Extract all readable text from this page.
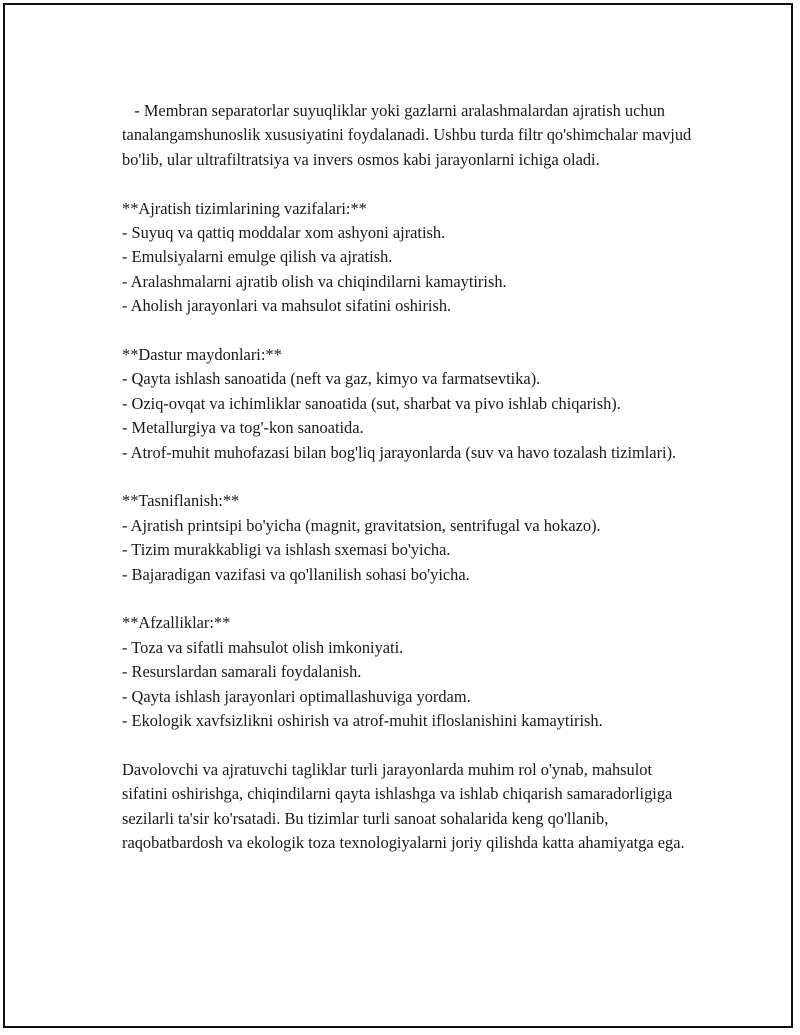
- Membran separatorlar suyuqliklar yoki gazlarni aralashmalardan ajratish uchun tanalangamshunoslik xususiyatini foydalanadi. Ushbu turda filtr qo'shimchalar mavjud bo'lib, ular ultrafiltratsiya va invers osmos kabi jarayonlarni ichiga oladi.

**Ajratish tizimlarining vazifalari:**

- Suyuq va qattiq moddalar xom ashyoni ajratish.

- Emulsiyalarni emulge qilish va ajratish.

- Aralashmalarni ajratib olish va chiqindilarni kamaytirish.

- Aholish jarayonlari va mahsulot sifatini oshirish.

**Dastur maydonlari:**

- Qayta ishlash sanoatida (neft va gaz, kimyo va farmatsevtika).

- Oziq-ovqat va ichimliklar sanoatida (sut, sharbat va pivo ishlab chiqarish).

- Metallurgiya va tog'-kon sanoatida.

- Atrof-muhit muhofazasi bilan bog'liq jarayonlarda (suv va havo tozalash tizimlari).

**Tasniflanish:**

- Ajratish printsipi bo'yicha (magnit, gravitatsion, sentrifugal va hokazo).

- Tizim murakkabligi va ishlash sxemasi bo'yicha.

- Bajaradigan vazifasi va qo'llanilish sohasi bo'yicha.

**Afzalliklar:**

- Toza va sifatli mahsulot olish imkoniyati.

- Resurslardan samarali foydalanish.

- Qayta ishlash jarayonlari optimallashuviga yordam.

- Ekologik xavfsizlikni oshirish va atrof-muhit ifloslanishini kamaytirish.

Davolovchi va ajratuvchi tagliklar turli jarayonlarda muhim rol o'ynab, mahsulot sifatini oshirishga, chiqindilarni qayta ishlashga va ishlab chiqarish samaradorligiga sezilarli ta'sir ko'rsatadi. Bu tizimlar turli sanoat sohalarida keng qo'llanib, raqobatbardosh va ekologik toza texnologiyalarni joriy qilishda katta ahamiyatga ega.
